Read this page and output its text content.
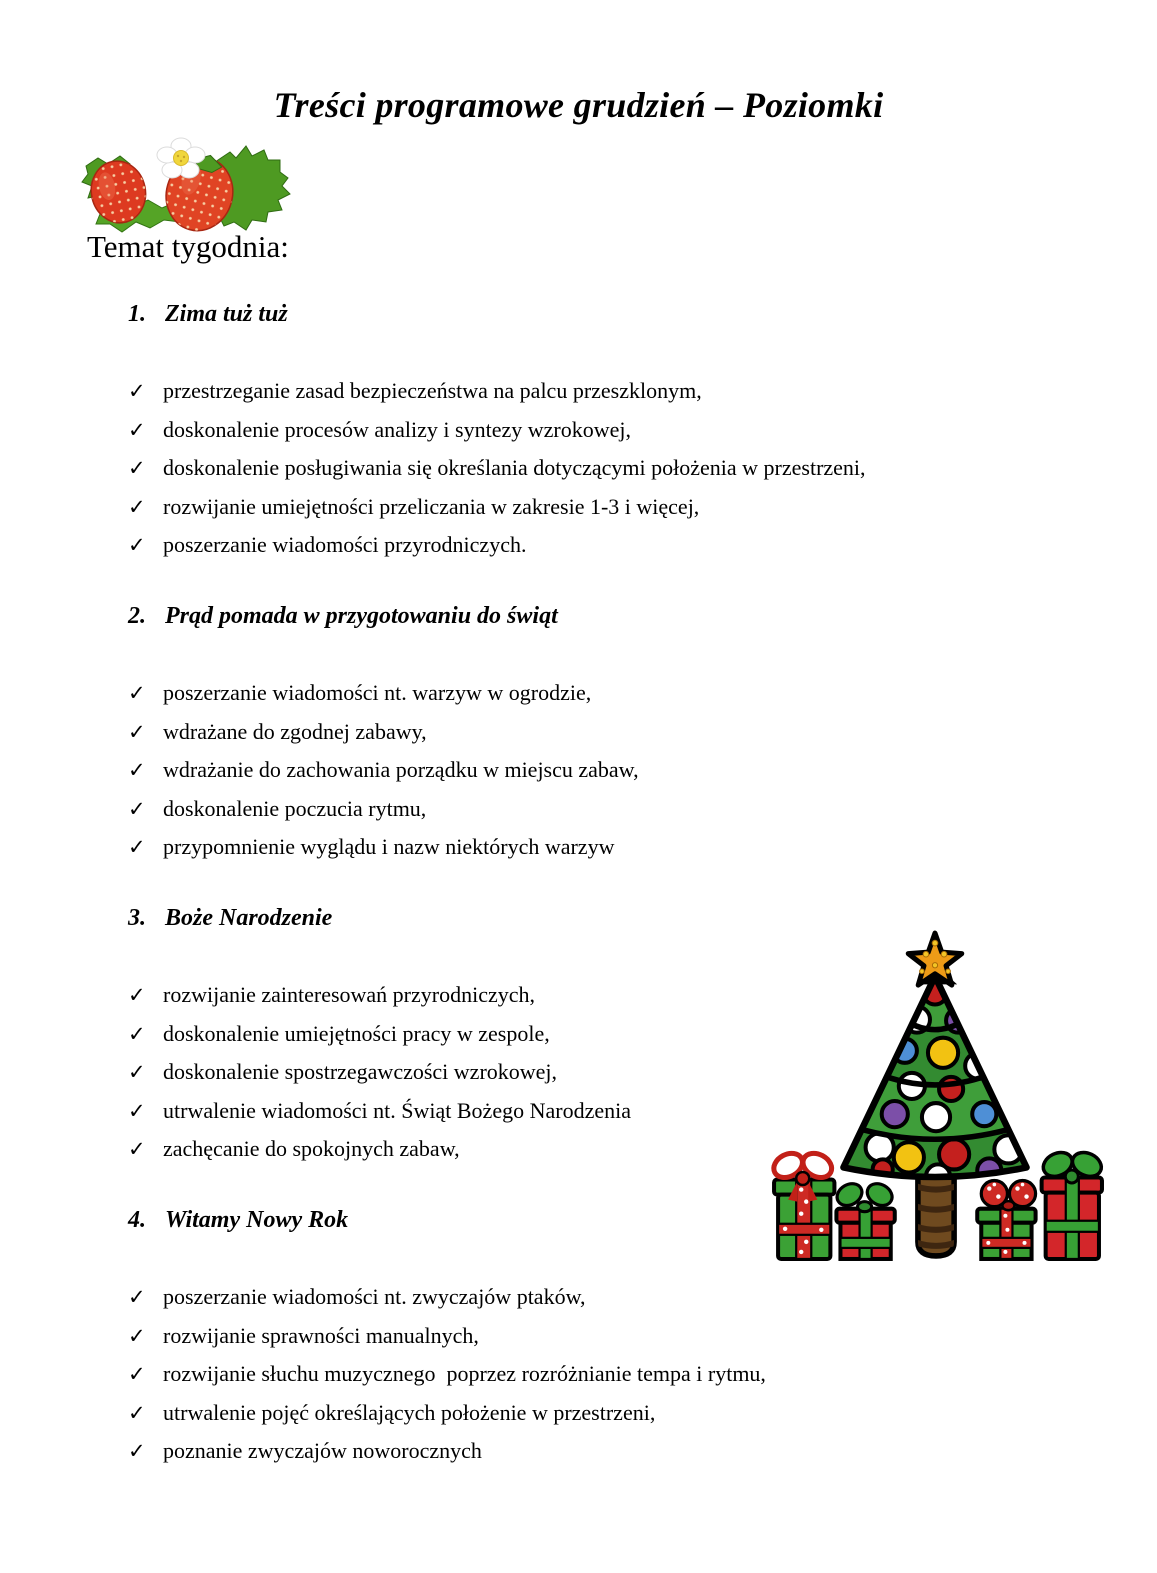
Treści programowe grudzień – Poziomki
Temat tygodnia:
1. Zima tuż tuż
✓ przestrzeganie zasad bezpieczeństwa na palcu przeszklonym,
✓ doskonalenie procesów analizy i syntezy wzrokowej,
✓ doskonalenie posługiwania się określania dotyczącymi położenia w przestrzeni,
✓ rozwijanie umiejętności przeliczania w zakresie 1-3 i więcej,
✓ poszerzanie wiadomości przyrodniczych.
2. Prąd pomada w przygotowaniu do świąt
✓ poszerzanie wiadomości nt. warzyw w ogrodzie,
✓ wdrażane do zgodnej zabawy,
✓ wdrażanie do zachowania porządku w miejscu zabaw,
✓ doskonalenie poczucia rytmu,
✓ przypomnienie wyglądu i nazw niektórych warzyw
3. Boże Narodzenie
✓ rozwijanie zainteresowań przyrodniczych,
✓ doskonalenie umiejętności pracy w zespole,
✓ doskonalenie spostrzegawczości wzrokowej,
✓ utrwalenie wiadomości nt. Świąt Bożego Narodzenia
✓ zachęcanie do spokojnych zabaw,
4. Witamy Nowy Rok
✓ poszerzanie wiadomości nt. zwyczajów ptaków,
✓ rozwijanie sprawności manualnych,
✓ rozwijanie słuchu muzycznego  poprzez rozróżnianie tempa i rytmu,
✓ utrwalenie pojęć określających położenie w przestrzeni,
✓ poznanie zwyczajów noworocznych
